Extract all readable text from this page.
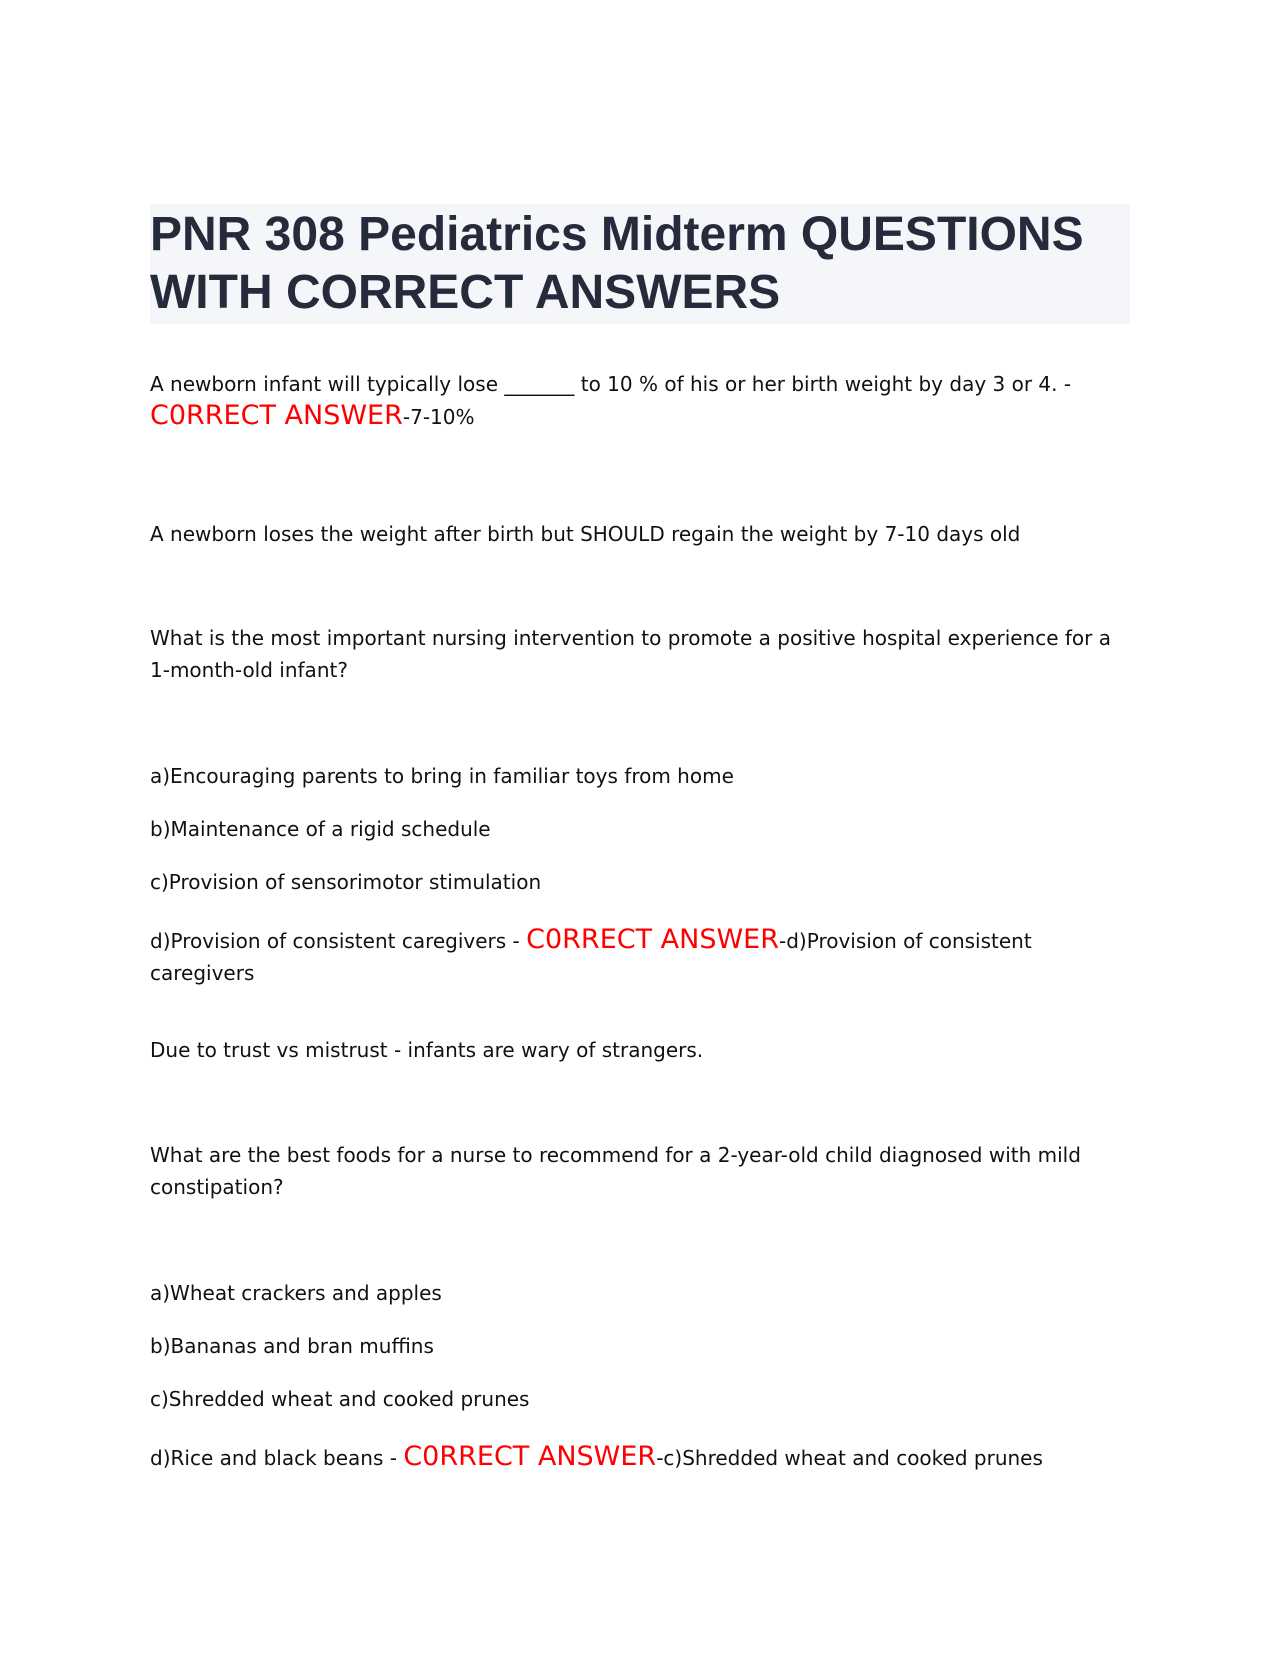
PNR 308 Pediatrics Midterm QUESTIONS WITH CORRECT ANSWERS

A newborn infant will typically lose _______ to 10 % of his or her birth weight by day 3 or 4. -
C0RRECT ANSWER-7-10%

A newborn loses the weight after birth but SHOULD regain the weight by 7-10 days old

What is the most important nursing intervention to promote a positive hospital experience for a 1-month-old infant?

a)Encouraging parents to bring in familiar toys from home

b)Maintenance of a rigid schedule

c)Provision of sensorimotor stimulation

d)Provision of consistent caregivers - C0RRECT ANSWER-d)Provision of consistent caregivers

Due to trust vs mistrust - infants are wary of strangers.

What are the best foods for a nurse to recommend for a 2-year-old child diagnosed with mild constipation?

a)Wheat crackers and apples

b)Bananas and bran muffins

c)Shredded wheat and cooked prunes

d)Rice and black beans - C0RRECT ANSWER-c)Shredded wheat and cooked prunes
